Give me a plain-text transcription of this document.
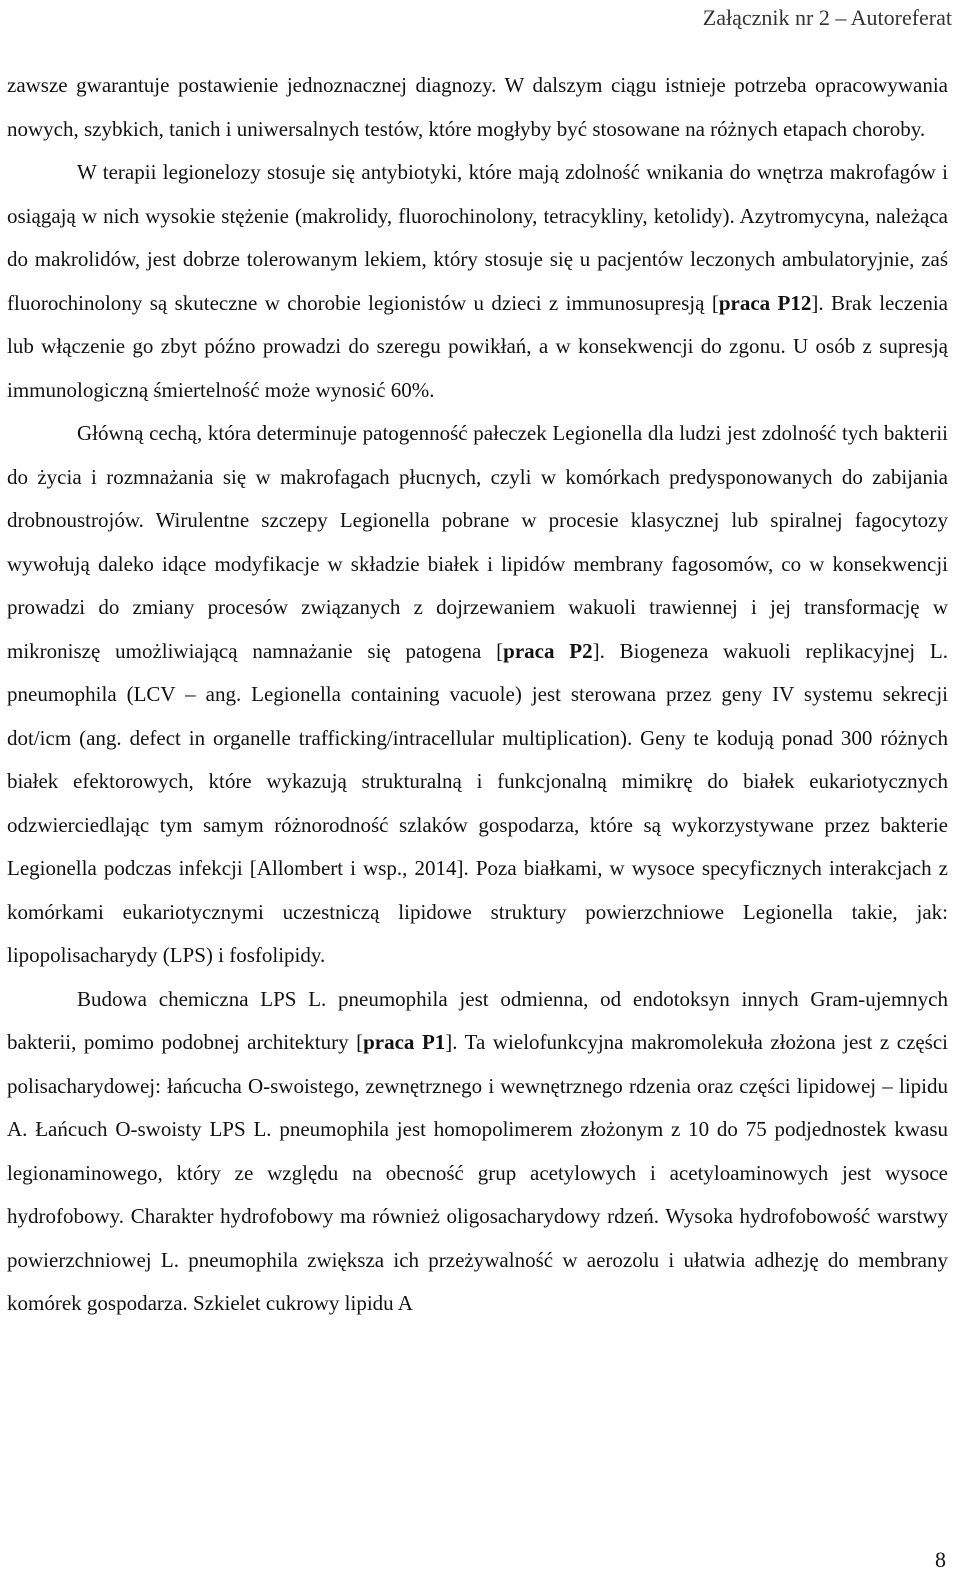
Załącznik nr 2 – Autoreferat

zawsze gwarantuje postawienie jednoznacznej diagnozy. W dalszym ciągu istnieje potrzeba opracowywania nowych, szybkich, tanich i uniwersalnych testów, które mogłyby być stosowane na różnych etapach choroby.

W terapii legionelozy stosuje się antybiotyki, które mają zdolność wnikania do wnętrza makrofagów i osiągają w nich wysokie stężenie (makrolidy, fluorochinolony, tetracykliny, ketolidy). Azytromycyna, należąca do makrolidów, jest dobrze tolerowanym lekiem, który stosuje się u pacjentów leczonych ambulatoryjnie, zaś fluorochinolony są skuteczne w chorobie legionistów u dzieci z immunosupresją [praca P12]. Brak leczenia lub włączenie go zbyt późno prowadzi do szeregu powikłań, a w konsekwencji do zgonu. U osób z supresją immunologiczną śmiertelność może wynosić 60%.

Główną cechą, która determinuje patogenność pałeczek Legionella dla ludzi jest zdolność tych bakterii do życia i rozmnażania się w makrofagach płucnych, czyli w komórkach predysponowanych do zabijania drobnoustrojów. Wirulentne szczepy Legionella pobrane w procesie klasycznej lub spiralnej fagocytozy wywołują daleko idące modyfikacje w składzie białek i lipidów membrany fagosomów, co w konsekwencji prowadzi do zmiany procesów związanych z dojrzewaniem wakuoli trawiennej i jej transformację w mikroniszę umożliwiającą namnażanie się patogena [praca P2]. Biogeneza wakuoli replikacyjnej L. pneumophila (LCV – ang. Legionella containing vacuole) jest sterowana przez geny IV systemu sekrecji dot/icm (ang. defect in organelle trafficking/intracellular multiplication). Geny te kodują ponad 300 różnych białek efektorowych, które wykazują strukturalną i funkcjonalną mimikrę do białek eukariotycznych odzwierciedlając tym samym różnorodność szlaków gospodarza, które są wykorzystywane przez bakterie Legionella podczas infekcji [Allombert i wsp., 2014]. Poza białkami, w wysoce specyficznych interakcjach z komórkami eukariotycznymi uczestniczą lipidowe struktury powierzchniowe Legionella takie, jak: lipopolisacharydy (LPS) i fosfolipidy.

Budowa chemiczna LPS L. pneumophila jest odmienna, od endotoksyn innych Gram-ujemnych bakterii, pomimo podobnej architektury [praca P1]. Ta wielofunkcyjna makromolekuła złożona jest z części polisacharydowej: łańcucha O-swoistego, zewnętrznego i wewnętrznego rdzenia oraz części lipidowej – lipidu A. Łańcuch O-swoisty LPS L. pneumophila jest homopolimerem złożonym z 10 do 75 podjednostek kwasu legionaminowego, który ze względu na obecność grup acetylowych i acetyloaminowych jest wysoce hydrofobowy. Charakter hydrofobowy ma również oligosacharydowy rdzeń. Wysoka hydrofobowość warstwy powierzchniowej L. pneumophila zwiększa ich przeżywalność w aerozolu i ułatwia adhezję do membrany komórek gospodarza. Szkielet cukrowy lipidu A

8
